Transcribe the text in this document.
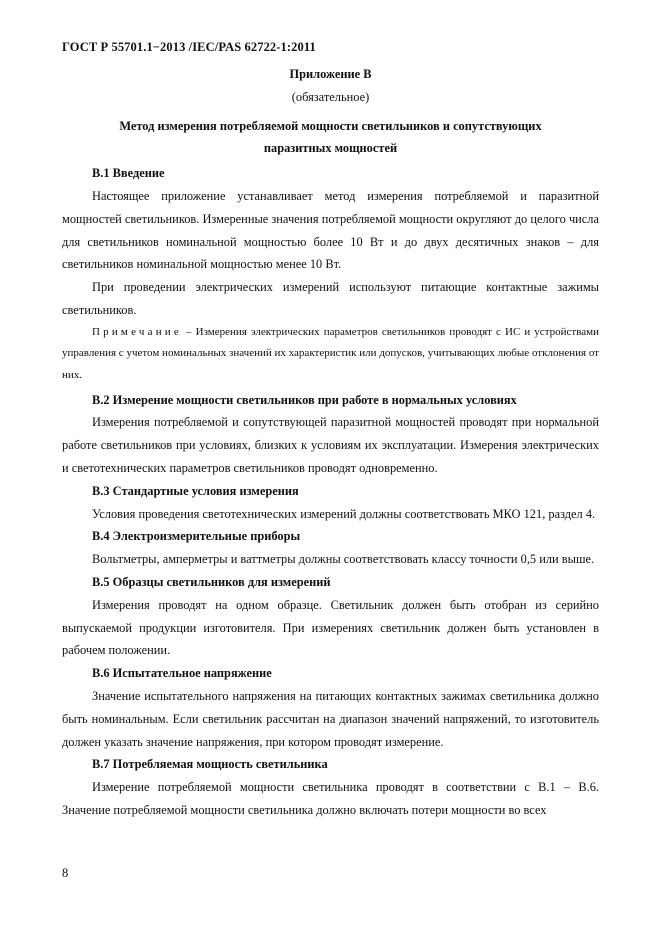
ГОСТ Р 55701.1−2013 /IEC/PAS 62722-1:2011
Приложение В
(обязательное)
Метод измерения потребляемой мощности светильников и сопутствующих паразитных мощностей
В.1 Введение

Настоящее приложение устанавливает метод измерения потребляемой и паразитной мощностей светильников. Измеренные значения потребляемой мощности округляют до целого числа для светильников номинальной мощностью более 10 Вт и до двух десятичных знаков – для светильников номинальной мощностью менее 10 Вт.

При проведении электрических измерений используют питающие контактные зажимы светильников.

Примечание – Измерения электрических параметров светильников проводят с ИС и устройствами управления с учетом номинальных значений их характеристик или допусков, учитывающих любые отклонения от них.

В.2 Измерение мощности светильников при работе в нормальных условиях

Измерения потребляемой и сопутствующей паразитной мощностей проводят при нормальной работе светильников при условиях, близких к условиям их эксплуатации. Измерения электрических и светотехнических параметров светильников проводят одновременно.

В.3 Стандартные условия измерения

Условия проведения светотехнических измерений должны соответствовать МКО 121, раздел 4.

В.4 Электроизмерительные приборы

Вольтметры, амперметры и ваттметры должны соответствовать классу точности 0,5 или выше.

В.5 Образцы светильников для измерений

Измерения проводят на одном образце. Светильник должен быть отобран из серийно выпускаемой продукции изготовителя. При измерениях светильник должен быть установлен в рабочем положении.

В.6 Испытательное напряжение

Значение испытательного напряжения на питающих контактных зажимах светильника должно быть номинальным. Если светильник рассчитан на диапазон значений напряжений, то изготовитель должен указать значение напряжения, при котором проводят измерение.

В.7 Потребляемая мощность светильника

Измерение потребляемой мощности светильника проводят в соответствии с В.1 – В.6. Значение потребляемой мощности светильника должно включать потери мощности во всех

8
